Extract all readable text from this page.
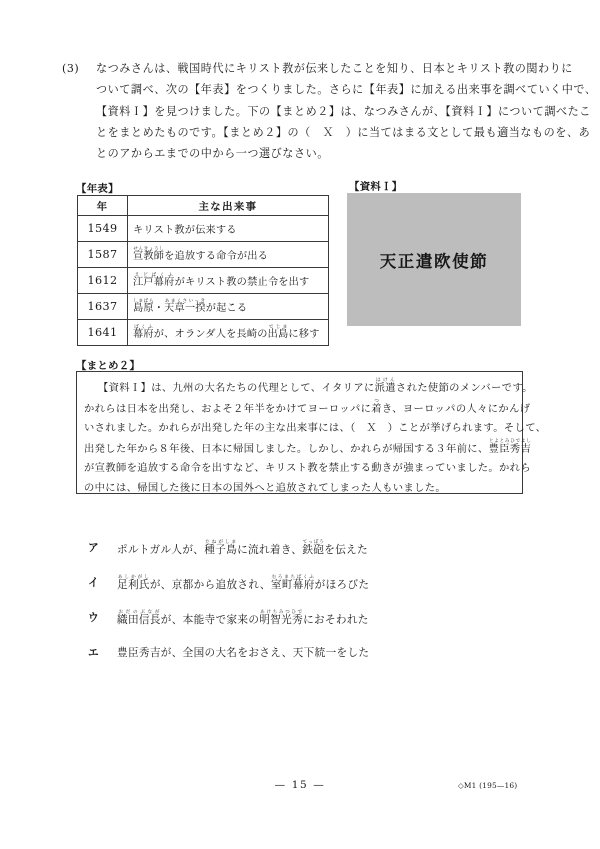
(3)	なつみさんは、戦国時代にキリスト教が伝来したことを知り、日本とキリスト教の関わりに
ついて調べ、次の【年表】をつくりました。さらに【年表】に加える出来事を調べていく中で、
【資料Ｉ】を見つけました。下の【まとめ２】は、なつみさんが、【資料Ｉ】について調べたこ
とをまとめたものです。【まとめ２】の（　Ｘ　）に当てはまる文として最も適当なものを、あ
とのアからエまでの中から一つ選びなさい。
【年表】	【資料Ｉ】
【まとめ２】
年	主な出来事
1549	キリスト教が伝来する
1587	宣教師せんきょうしを追放する命令が出る
1612	江戸幕府えどばくふがキリスト教の禁止令を出す
1637	島原しまばら・天草一揆あまくさいっきが起こる
1641	幕府ばくふが、オランダ人を長崎の出島でじまに移す
天正遣欧使節
【資料Ｉ】は、九州の大名たちの代理として、イタリアに派遣はけんされた使節のメンバーです。
かれらは日本を出発し、およそ２年半をかけてヨーロッパに着つき、ヨーロッパの人々にかんげ
いされました。かれらが出発した年の主な出来事には、（　Ｘ　）ことが挙げられます。そして、
出発した年から８年後、日本に帰国しました。しかし、かれらが帰国する３年前に、豊臣秀吉とよとみひでよし
が宣教師を追放する命令を出すなど、キリスト教を禁止する動きが強まっていました。かれら
の中には、帰国した後に日本の国外へと追放されてしまった人もいました。
ア	ポルトガル人が、種子島たねがしまに流れ着き、鉄砲てっぽうを伝えた
イ	足利氏あしかがしが、京都から追放され、室町幕府むろまちばくふがほろびた
ウ	織田信長おだのぶながが、本能寺で家来の明智光秀あけちみつひでにおそわれた
エ	豊臣秀吉が、全国の大名をおさえ、天下統一をした
— 15 —	◇M1 (195—16)
